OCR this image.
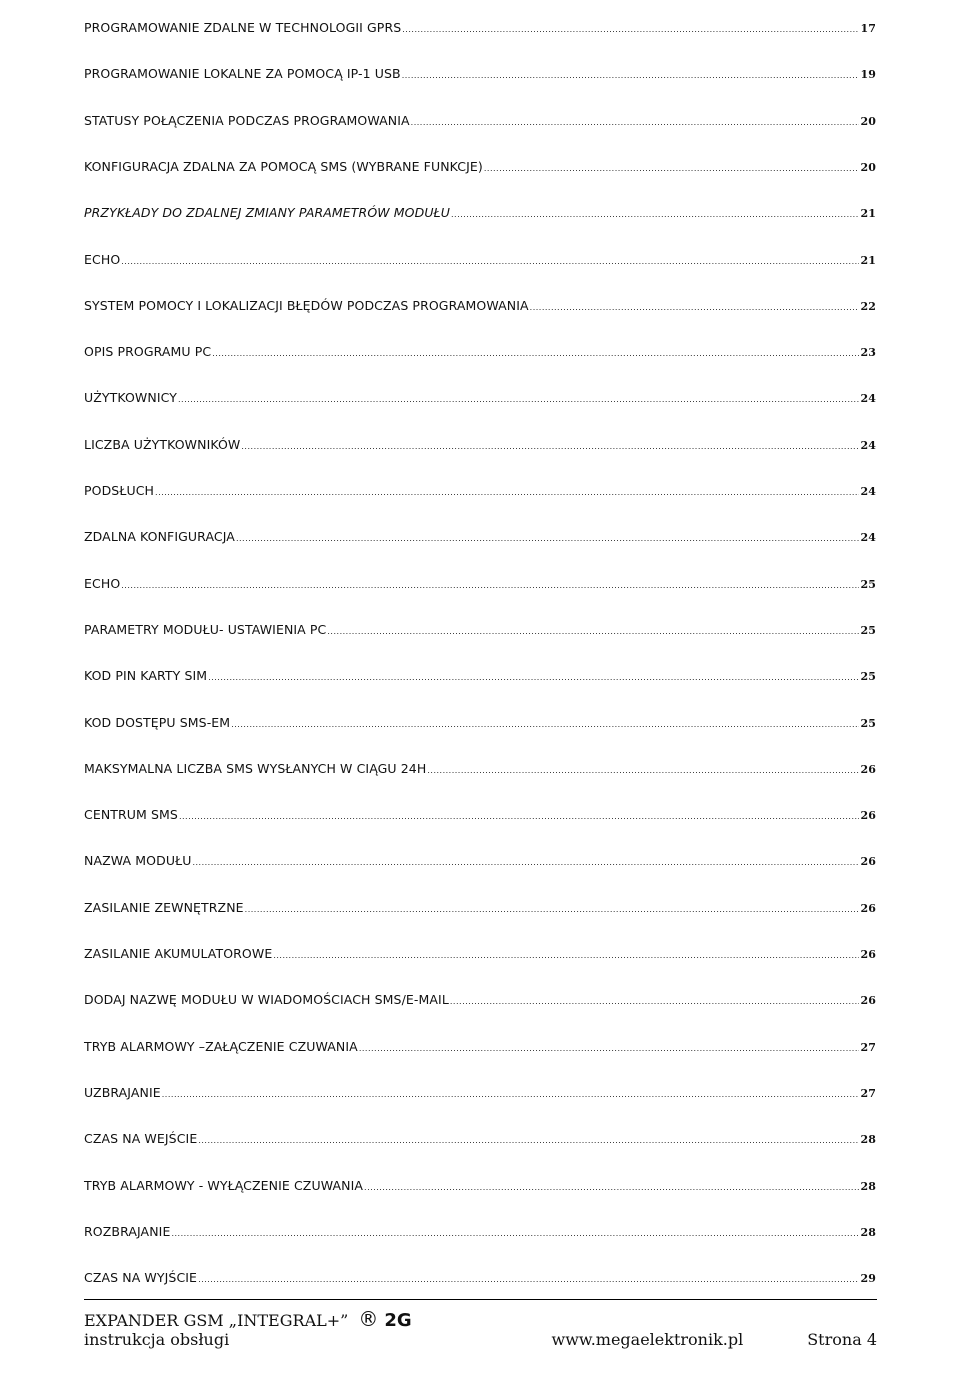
PROGRAMOWANIE ZDALNE W TECHNOLOGII GPRS .....	17
PROGRAMOWANIE LOKALNE ZA POMOCĄ IP-1 USB .....	19
STATUSY POŁĄCZENIA PODCZAS PROGRAMOWANIA .....	20
KONFIGURACJA ZDALNA ZA POMOCĄ SMS (WYBRANE FUNKCJE) .....	20
PRZYKŁADY DO ZDALNEJ ZMIANY PARAMETRÓW MODUŁU .....	21
ECHO .....	21
SYSTEM POMOCY I LOKALIZACJI BŁĘDÓW PODCZAS PROGRAMOWANIA .....	22
OPIS PROGRAMU PC .....	23
UŻYTKOWNICY .....	24
LICZBA UŻYTKOWNIKÓW .....	24
PODSŁUCH .....	24
ZDALNA KONFIGURACJA .....	24
ECHO .....	25
PARAMETRY MODUŁU- USTAWIENIA PC .....	25
KOD PIN KARTY SIM .....	25
KOD DOSTĘPU SMS-EM .....	25
MAKSYMALNA LICZBA SMS WYSŁANYCH W CIĄGU 24H .....	26
CENTRUM SMS .....	26
NAZWA MODUŁU .....	26
ZASILANIE ZEWNĘTRZNE .....	26
ZASILANIE AKUMULATOROWE .....	26
DODAJ NAZWĘ MODUŁU W WIADOMOŚCIACH SMS/E-MAIL .....	26
TRYB ALARMOWY –ZAŁĄCZENIE CZUWANIA .....	27
UZBRAJANIE .....	27
CZAS NA WEJŚCIE .....	28
TRYB ALARMOWY - WYŁĄCZENIE CZUWANIA .....	28
ROZBRAJANIE .....	28
CZAS NA WYJŚCIE .....	29
EXPANDER GSM „INTEGRAL+” ® 2G
instrukcja obsługi	www.megaelektronik.pl	Strona 4
